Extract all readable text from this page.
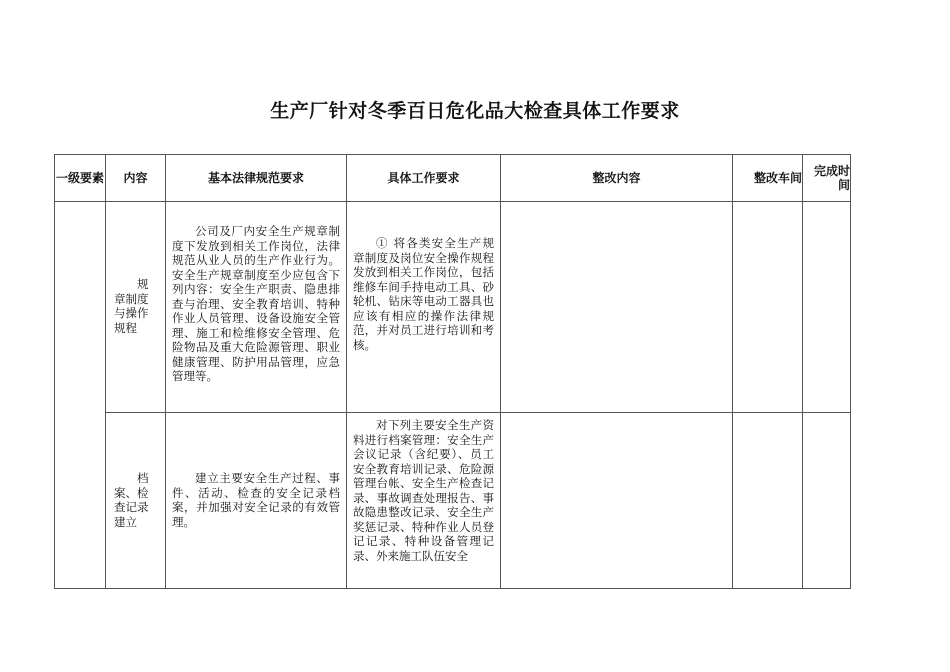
生产厂针对冬季百日危化品大检查具体工作要求
一级要素	内容	基本法律规范要求	具体工作要求	整改内容	整改车间	完成时间

	规章制度与操作规程	公司及厂内安全生产规章制度下发放到相关工作岗位，法律规范从业人员的生产作业行为。安全生产规章制度至少应包含下列内容：安全生产职责、隐患排查与治理、安全教育培训、特种作业人员管理、设备设施安全管理、施工和检维修安全管理、危险物品及重大危险源管理、职业健康管理、防护用品管理，应急管理等。	① 将各类安全生产规章制度及岗位安全操作规程发放到相关工作岗位，包括维修车间手持电动工具、砂轮机、钻床等电动工器具也应该有相应的操作法律规范，并对员工进行培训和考核。			

	档案、检查记录建立	建立主要安全生产过程、事件、活动、检查的安全记录档案，并加强对安全记录的有效管理。	对下列主要安全生产资料进行档案管理：安全生产会议记录（含纪要）、员工安全教育培训记录、危险源管理台帐、安全生产检查记录、事故调查处理报告、事故隐患整改记录、安全生产奖惩记录、特种作业人员登记记录、特种设备管理记录、外来施工队伍安全			
